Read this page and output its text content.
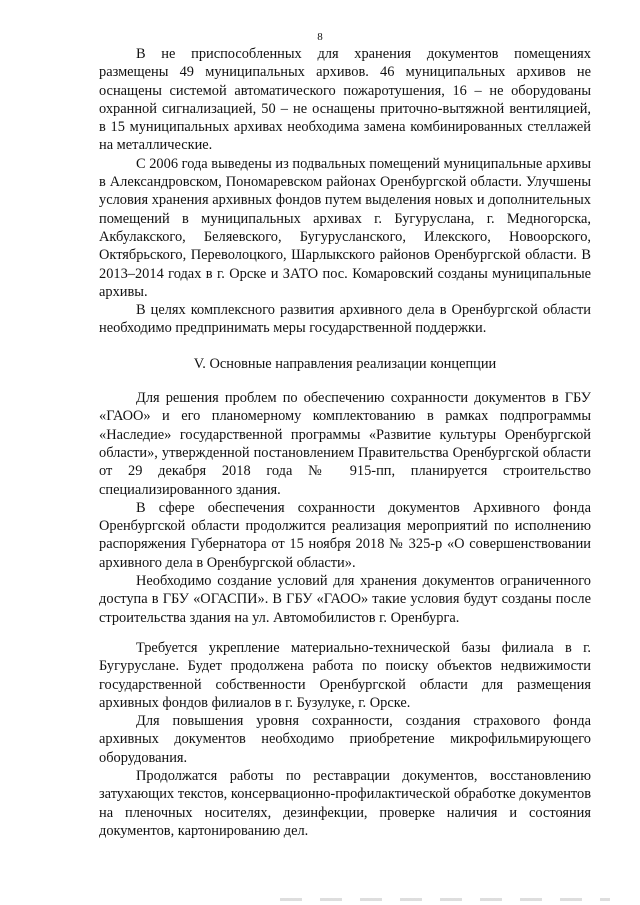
8

В не приспособленных для хранения документов помещениях размещены 49 муниципальных архивов. 46 муниципальных архивов не оснащены системой автоматического пожаротушения, 16 – не оборудованы охранной сигнализацией, 50 – не оснащены приточно-вытяжной вентиляцией, в 15 муниципальных архивах необходима замена комбинированных стеллажей на металлические.

С 2006 года выведены из подвальных помещений муниципальные архивы в Александровском, Пономаревском районах Оренбургской области. Улучшены условия хранения архивных фондов путем выделения новых и дополнительных помещений в муниципальных архивах г. Бугуруслана, г. Медногорска, Акбулакского, Беляевского, Бугурусланского, Илекского, Новоорского, Октябрьского, Переволоцкого, Шарлыкского районов Оренбургской области. В 2013–2014 годах в г. Орске и ЗАТО пос. Комаровский созданы муниципальные архивы.

В целях комплексного развития архивного дела в Оренбургской области необходимо предпринимать меры государственной поддержки.

V. Основные направления реализации концепции

Для решения проблем по обеспечению сохранности документов в ГБУ «ГАОО» и его планомерному комплектованию в рамках подпрограммы «Наследие» государственной программы «Развитие культуры Оренбургской области», утвержденной постановлением Правительства Оренбургской области от 29 декабря 2018 года № 915-пп, планируется строительство специализированного здания.

В сфере обеспечения сохранности документов Архивного фонда Оренбургской области продолжится реализация мероприятий по исполнению распоряжения Губернатора от 15 ноября 2018 № 325-р «О совершенствовании архивного дела в Оренбургской области».

Необходимо создание условий для хранения документов ограниченного доступа в ГБУ «ОГАСПИ». В ГБУ «ГАОО» такие условия будут созданы после строительства здания на ул. Автомобилистов г. Оренбурга.

Требуется укрепление материально-технической базы филиала в г. Бугуруслане. Будет продолжена работа по поиску объектов недвижимости государственной собственности Оренбургской области для размещения архивных фондов филиалов в г. Бузулуке, г. Орске.

Для повышения уровня сохранности, создания страхового фонда архивных документов необходимо приобретение микрофильмирующего оборудования.

Продолжатся работы по реставрации документов, восстановлению затухающих текстов, консервационно-профилактической обработке документов на пленочных носителях, дезинфекции, проверке наличия и состояния документов, картонированию дел.
